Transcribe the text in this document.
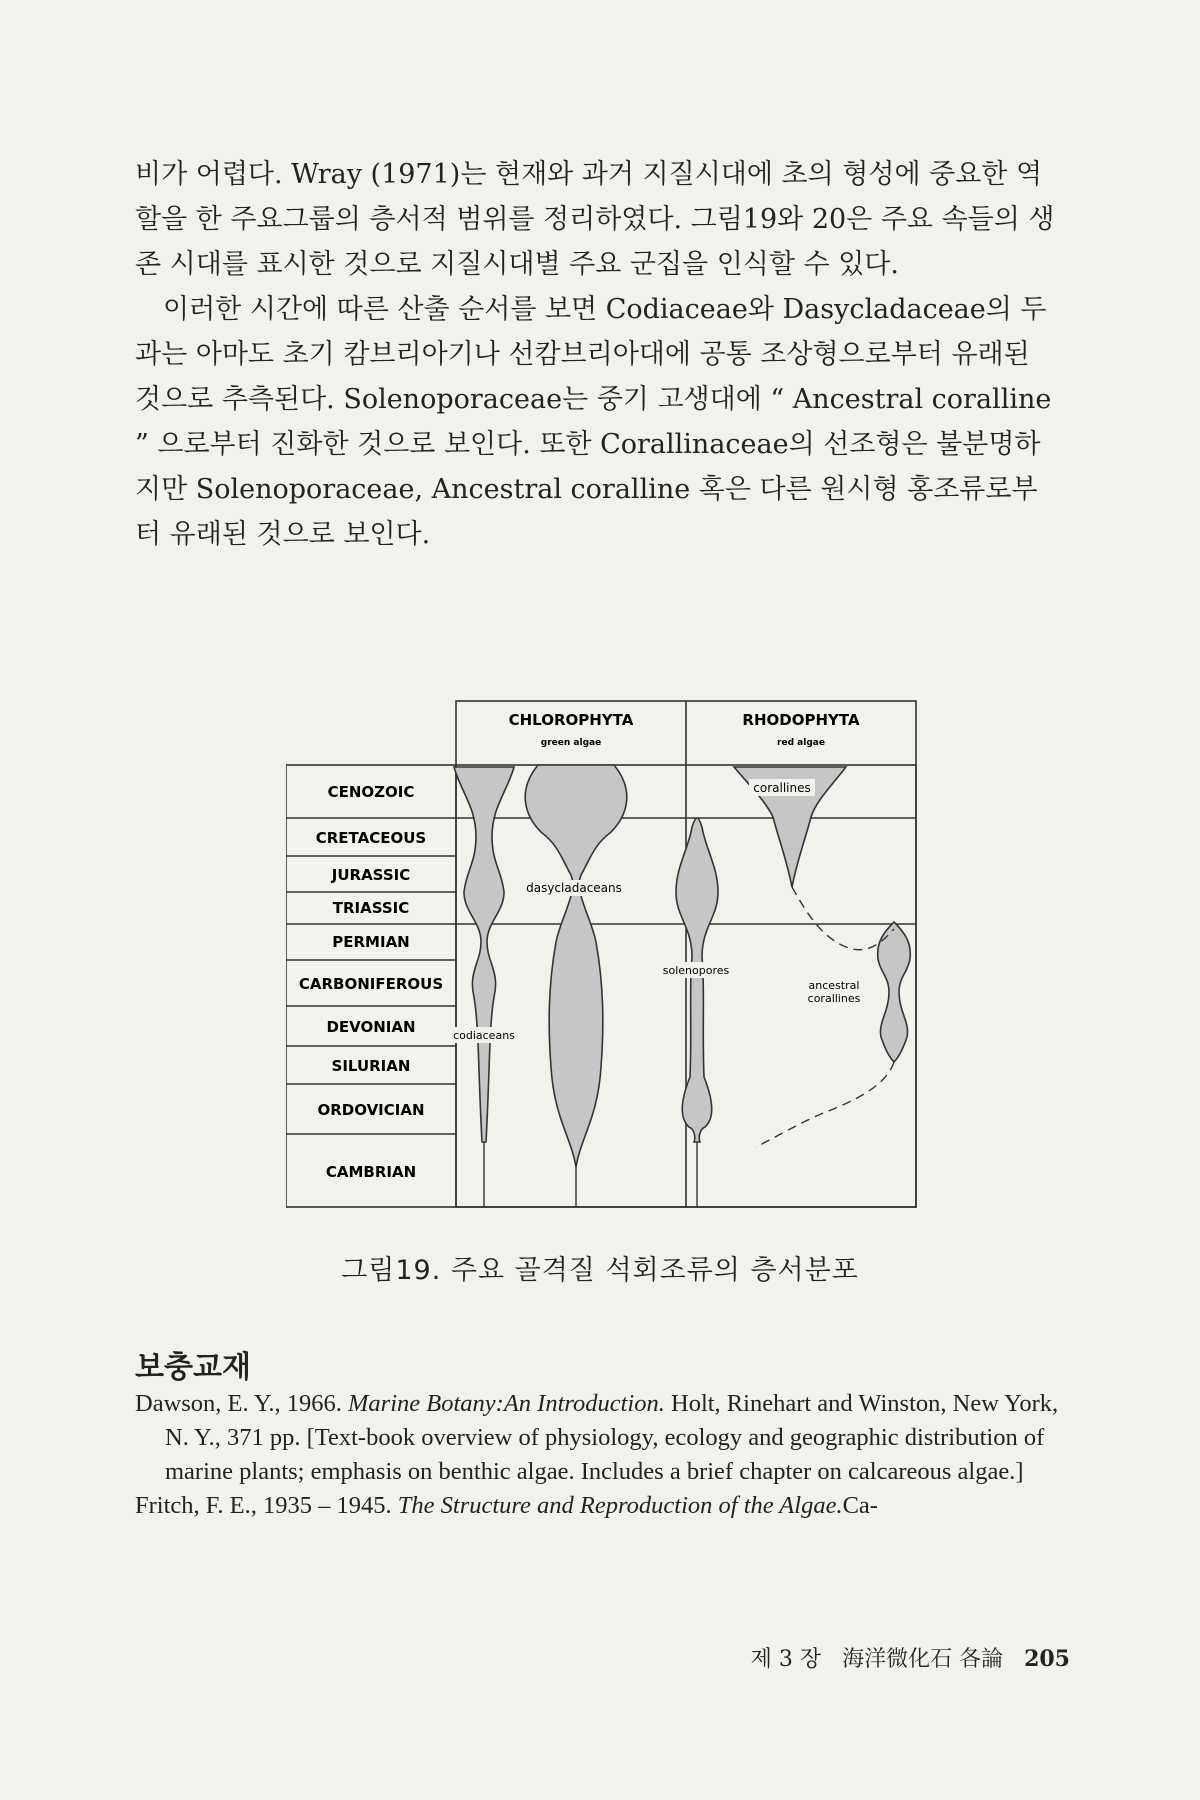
비가 어렵다. Wray (1971)는 현재와 과거 지질시대에 초의 형성에 중요한 역할을 한 주요그룹의 층서적 범위를 정리하였다. 그림19와 20은 주요 속들의 생존 시대를 표시한 것으로 지질시대별 주요 군집을 인식할 수 있다.

이러한 시간에 따른 산출 순서를 보면 Codiaceae와 Dasycladaceae의 두 과는 아마도 초기 캄브리아기나 선캄브리아대에 공통 조상형으로부터 유래된 것으로 추측된다. Solenoporaceae는 중기 고생대에 “ Ancestral coralline ” 으로부터 진화한 것으로 보인다. 또한 Corallinaceae의 선조형은 불분명하지만 Solenoporaceae, Ancestral coralline 혹은 다른 원시형 홍조류로부터 유래된 것으로 보인다.

CHLOROPHYTA
green algae
RHODOPHYTA
red algae
CENOZOIC
CRETACEOUS
JURASSIC
TRIASSIC
PERMIAN
CARBONIFEROUS
DEVONIAN
SILURIAN
ORDOVICIAN
CAMBRIAN
corallines
dasycladaceans
solenopores
ancestral
corallines
codiaceans
그림19. 주요 골격질 석회조류의 층서분포
보충교재

Dawson, E. Y., 1966. Marine Botany:An Introduction. Holt, Rinehart and Winston, New York, N. Y., 371 pp. [Text-book overview of physiology, ecology and geographic distribution of marine plants; emphasis on benthic algae. Includes a brief chapter on calcareous algae.]

Fritch, F. E., 1935 – 1945. The Structure and Reproduction of the Algae.Ca-

제 3 장 海洋微化石 各論 205
